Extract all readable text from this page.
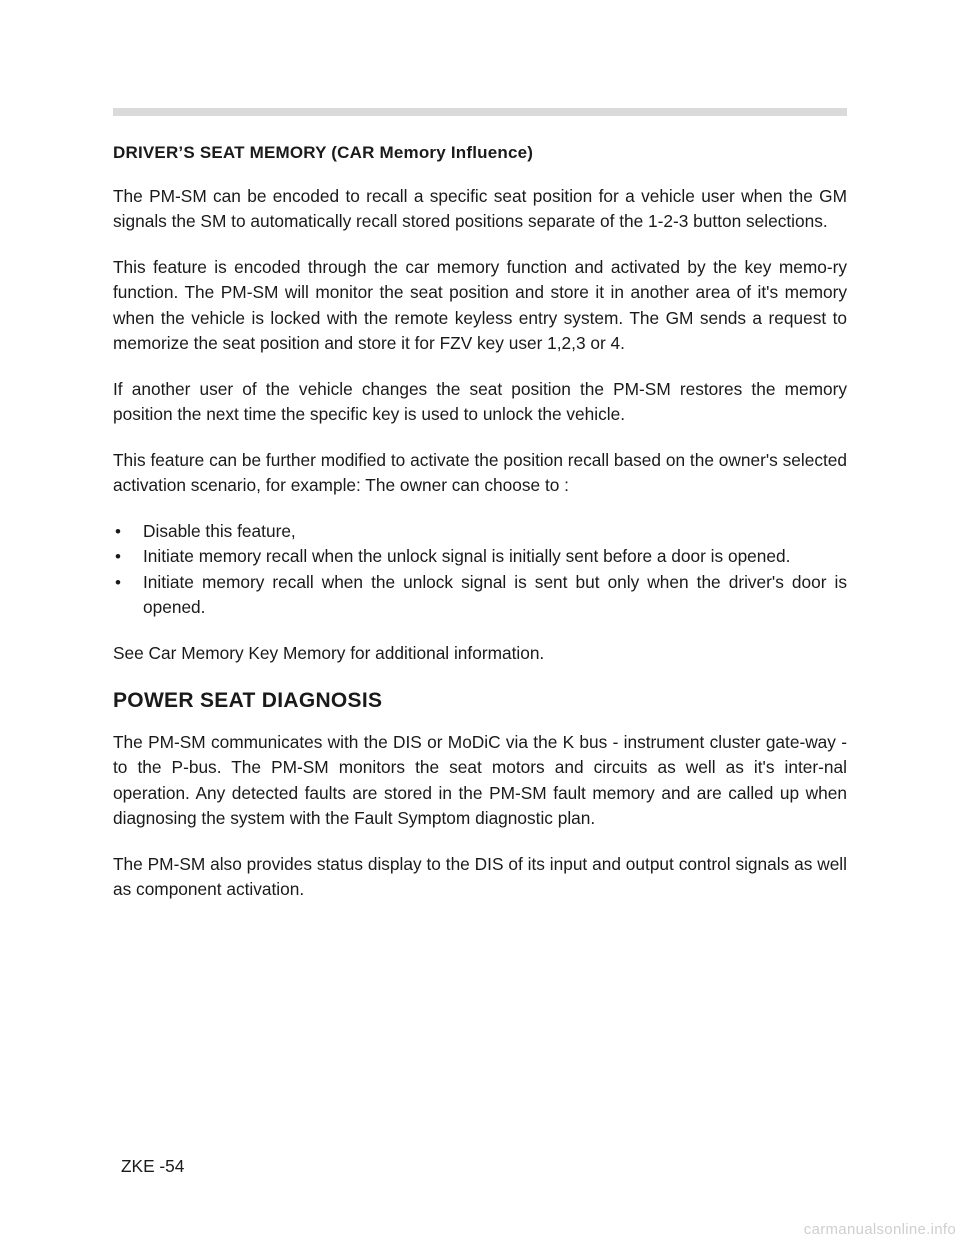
DRIVER’S SEAT MEMORY (CAR Memory Influence)

The PM-SM can be encoded to recall a specific seat position for a vehicle user when the GM signals the SM to automatically recall stored positions separate of the 1-2-3 button selections.

This feature is encoded through the car memory function and activated by the key memo-ry function. The PM-SM will monitor the seat position and store it in another area of it's memory when the vehicle is locked with the remote keyless entry system. The GM sends a request to memorize the seat position and store it for FZV key user 1,2,3 or 4.

If another user of the vehicle changes the seat position the PM-SM restores the memory position the next time the specific key is used to unlock the vehicle.

This feature can be further modified to activate the position recall based on the owner's selected activation scenario, for example: The owner can choose to :

• Disable this feature,
• Initiate memory recall when the unlock signal is initially sent before a door is opened.
• Initiate memory recall when the unlock signal is sent but only when the driver's door is opened.

See Car Memory Key Memory for additional information.

POWER SEAT DIAGNOSIS

The PM-SM communicates with the DIS or MoDiC via the K bus - instrument cluster gate-way - to the P-bus. The PM-SM monitors the seat motors and circuits as well as it's inter-nal operation. Any detected faults are stored in the PM-SM fault memory and are called up when diagnosing the system with the Fault Symptom diagnostic plan.

The PM-SM also provides status display to the DIS of its input and output control signals as well as component activation.

ZKE -54
carmanualsonline.info
